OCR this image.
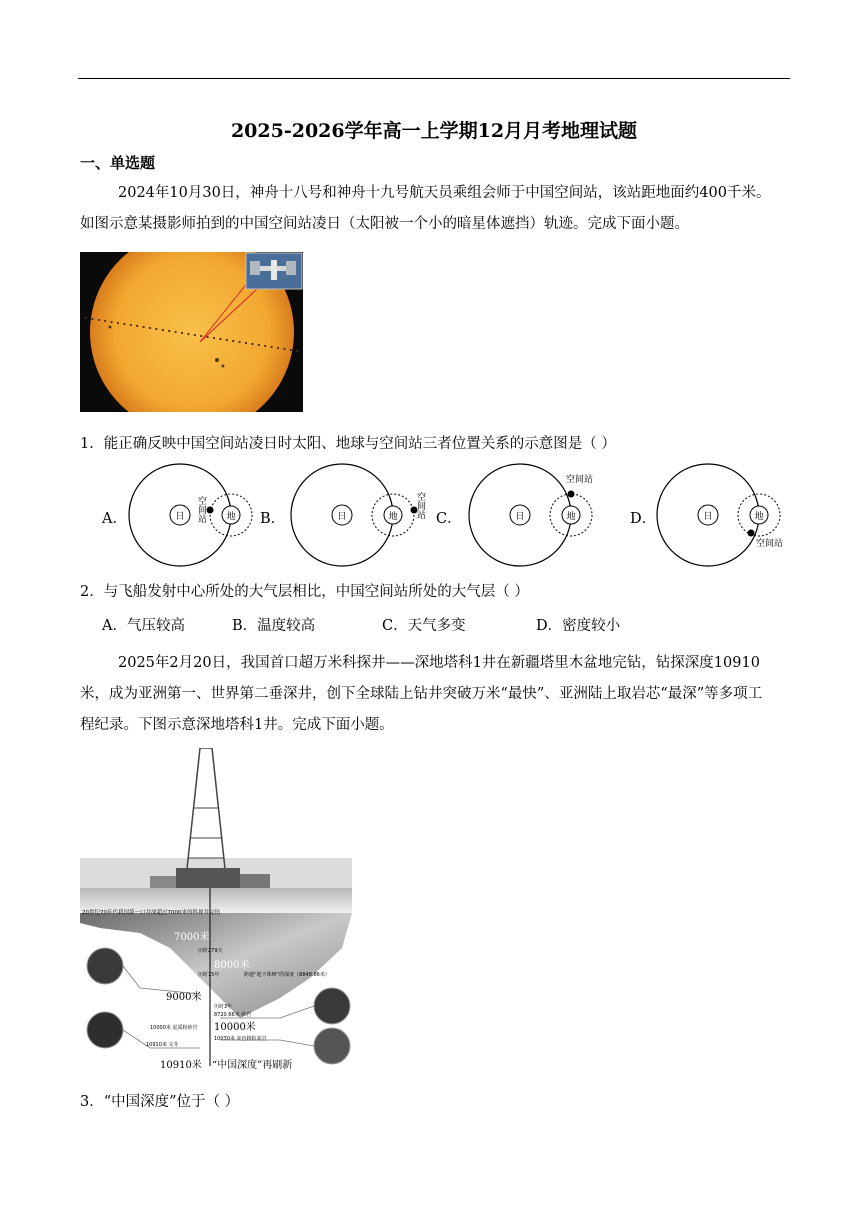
2025-2026学年高一上学期12月月考地理试题
一、单选题
2024年10月30日，神舟十八号和神舟十九号航天员乘组会师于中国空间站，该站距地面约400千米。
如图示意某摄影师拍到的中国空间站凌日（太阳被一个小的暗星体遮挡）轨迹。完成下面小题。
1．能正确反映中国空间站凌日时太阳、地球与空间站三者位置关系的示意图是（ ）
A．	日	地
空间站	B．	日	地 空间站 C．	日	地
空间站
D．	日	地
空间站
2．与飞船发射中心所处的大气层相比，中国空间站所处的大气层（ ）
A．气压较高	B．温度较高	C．天气多变	D．密度较小
2025年2月20日，我国首口超万米科探井——深地塔科1井在新疆塔里木盆地完钻，钻探深度10910
米，成为亚洲第一、世界第二垂深井，创下全球陆上钻井突破万米“最快”、亚洲陆上取岩芯“最深”等多项工
程纪录。下图示意深地塔科1井。完成下面小题。
20世纪70年代我国第一口井深超过7000米的科探井完钻
7000米
历时279天
8000米
历时15年	跨越“地下珠峰”的深度（8848.86米）
9000米
历时3年
8720.66米 砂岩
10000米
10000米 泥质粉砂岩
10030米 灰色粗粒灰岩
10910米 完井
10910米 “中国深度”再刷新
3．“中国深度”位于（ ）
